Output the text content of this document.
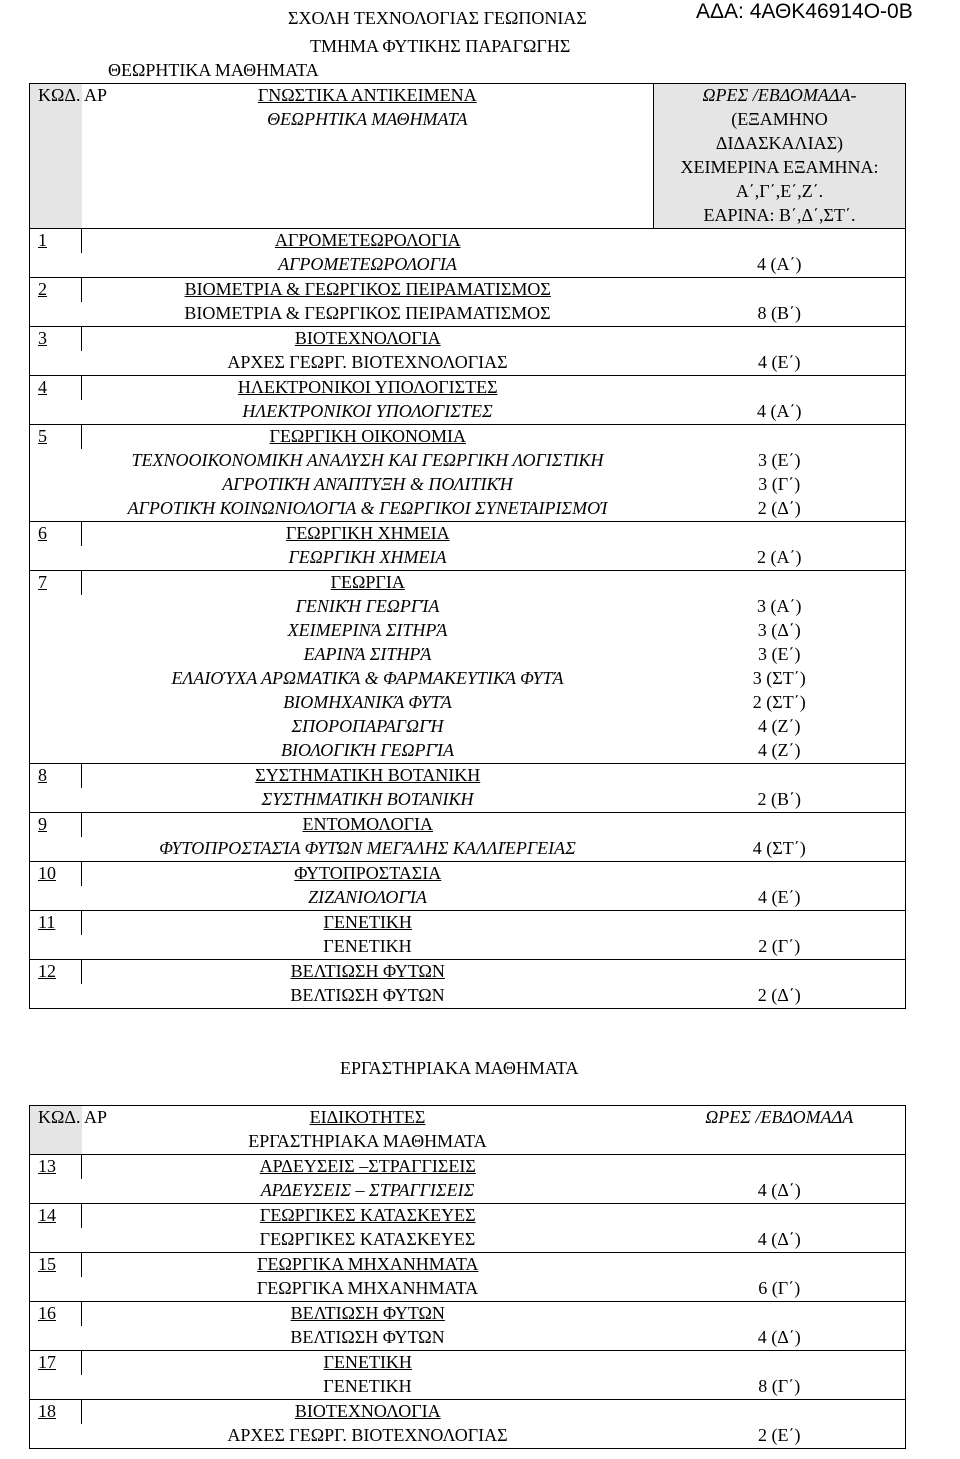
ΣΧΟΛΗ ΤΕΧΝΟΛΟΓΙΑΣ ΓΕΩΠΟΝΙΑΣ	ΑΔΑ: 4ΑΘΚ46914Ο-0Β
ΤΜΗΜΑ ΦΥΤΙΚΗΣ ΠΑΡΑΓΩΓΗΣ
ΘΕΩΡΗΤΙΚΑ ΜΑΘΗΜΑΤΑ
ΚΩΔ. ΑΡ	ΓΝΩΣΤΙΚΑ ΑΝΤΙΚΕΙΜΕΝΑ	ΩΡΕΣ /ΕΒΔΟΜΑΔΑ-
	ΘΕΩΡΗΤΙΚΑ ΜΑΘΗΜΑΤΑ	(ΕΞΑΜΗΝΟ
		ΔΙΔΑΣΚΑΛΙΑΣ)
		ΧΕΙΜΕΡΙΝΑ ΕΞΑΜΗΝΑ:
		Α΄,Γ΄,Ε΄,Ζ΄.
		ΕΑΡΙΝΑ: Β΄,Δ΄,ΣΤ΄.
1	ΑΓΡΟΜΕΤΕΩΡΟΛΟΓΙΑ	
	ΑΓΡΟΜΕΤΕΩΡΟΛΟΓΙΑ	4 (Α΄)
2	ΒΙΟΜΕΤΡΙΑ & ΓΕΩΡΓΙΚΟΣ ΠΕΙΡΑΜΑΤΙΣΜΟΣ	
	ΒΙΟΜΕΤΡΙΑ & ΓΕΩΡΓΙΚΟΣ ΠΕΙΡΑΜΑΤΙΣΜΟΣ	8 (Β΄)
3	ΒΙΟΤΕΧΝΟΛΟΓΙΑ	
	ΑΡΧΕΣ ΓΕΩΡΓ. ΒΙΟΤΕΧΝΟΛΟΓΙΑΣ	4 (Ε΄)
4	ΗΛΕΚΤΡΟΝΙΚΟΙ ΥΠΟΛΟΓΙΣΤΕΣ	
	ΗΛΕΚΤΡΟΝΙΚΟΙ ΥΠΟΛΟΓΙΣΤΕΣ	4 (Α΄)
5	ΓΕΩΡΓΙΚΗ ΟΙΚΟΝΟΜΙΑ	
	ΤΕΧΝΟΟΙΚΟΝΟΜΙΚΗ ΑΝΑΛΥΣΗ ΚΑΙ ΓΕΩΡΓΙΚΗ ΛΟΓΙΣΤΙΚΗ	3 (Ε΄)
	ΑΓΡΟΤΙΚΉ ΑΝΆΠΤΥΞΗ & ΠΟΛΙΤΙΚΉ	3 (Γ΄)
	ΑΓΡΟΤΙΚΉ ΚΟΙΝΩΝΙΟΛΟΓΊΑ & ΓΕΩΡΓΙΚΟΙ ΣΥΝΕΤΑΙΡΙΣΜΟΊ	2 (Δ΄)
6	ΓΕΩΡΓΙΚΗ ΧΗΜΕΙΑ	
	ΓΕΩΡΓΙΚΗ ΧΗΜΕΙΑ	2 (Α΄)
7	ΓΕΩΡΓΙΑ	
	ΓΕΝΙΚΉ ΓΕΩΡΓΊΑ	3 (Α΄)
	ΧΕΙΜΕΡΙΝΆ ΣΙΤΗΡΆ	3 (Δ΄)
	ΕΑΡΙΝΆ ΣΙΤΗΡΆ	3 (Ε΄)
	ΕΛΑΙΟΎΧΑ ΑΡΩΜΑΤΙΚΆ & ΦΑΡΜΑΚΕΥΤΙΚΆ ΦΥΤΆ	3 (ΣΤ΄)
	ΒΙΟΜΗΧΑΝΙΚΆ ΦΥΤΆ	2 (ΣΤ΄)
	ΣΠΟΡΟΠΑΡΑΓΩΓΉ	4 (Ζ΄)
	ΒΙΟΛΟΓΙΚΉ ΓΕΩΡΓΊΑ	4 (Ζ΄)
8	ΣΥΣΤΗΜΑΤΙΚΗ ΒΟΤΑΝΙΚΗ	
	ΣΥΣΤΗΜΑΤΙΚΗ ΒΟΤΑΝΙΚΗ	2 (Β΄)
9	ΕΝΤΟΜΟΛΟΓΙΑ	
	ΦΥΤΟΠΡΟΣΤΑΣΊΑ ΦΥΤΏΝ ΜΕΓΆΛΗΣ ΚΑΛΛΙΈΡΓΕΙΑΣ	4 (ΣΤ΄)
10	ΦΥΤΟΠΡΟΣΤΑΣΙΑ	
	ΖΙΖΑΝΙΟΛΟΓΊΑ	4 (Ε΄)
11	ΓΕΝΕΤΙΚΗ	
	ΓΕΝΕΤΙΚΗ	2 (Γ΄)
12	ΒΕΛΤΙΩΣΗ ΦΥΤΩΝ	
	ΒΕΛΤΙΩΣΗ ΦΥΤΩΝ	2 (Δ΄)
ΕΡΓΑΣΤΗΡΙΑΚΑ ΜΑΘΗΜΑΤΑ
ΚΩΔ. ΑΡ	ΕΙΔΙΚΟΤΗΤΕΣ	ΩΡΕΣ /ΕΒΔΟΜΑΔΑ
	ΕΡΓΑΣΤΗΡΙΑΚΑ ΜΑΘΗΜΑΤΑ	
13	ΑΡΔΕΥΣΕΙΣ –ΣΤΡΑΓΓΙΣΕΙΣ	
	ΑΡΔΕΥΣΕΙΣ – ΣΤΡΑΓΓΙΣΕΙΣ	4 (Δ΄)
14	ΓΕΩΡΓΙΚΕΣ ΚΑΤΑΣΚΕΥΕΣ	
	ΓΕΩΡΓΙΚΕΣ ΚΑΤΑΣΚΕΥΕΣ	4 (Δ΄)
15	ΓΕΩΡΓΙΚΑ ΜΗΧΑΝΗΜΑΤΑ	
	ΓΕΩΡΓΙΚΑ ΜΗΧΑΝΗΜΑΤΑ	6 (Γ΄)
16	ΒΕΛΤΙΩΣΗ ΦΥΤΩΝ	
	ΒΕΛΤΙΩΣΗ ΦΥΤΩΝ	4 (Δ΄)
17	ΓΕΝΕΤΙΚΗ	
	ΓΕΝΕΤΙΚΗ	8 (Γ΄)
18	ΒΙΟΤΕΧΝΟΛΟΓΙΑ	
	ΑΡΧΕΣ ΓΕΩΡΓ. ΒΙΟΤΕΧΝΟΛΟΓΙΑΣ	2 (Ε΄)
